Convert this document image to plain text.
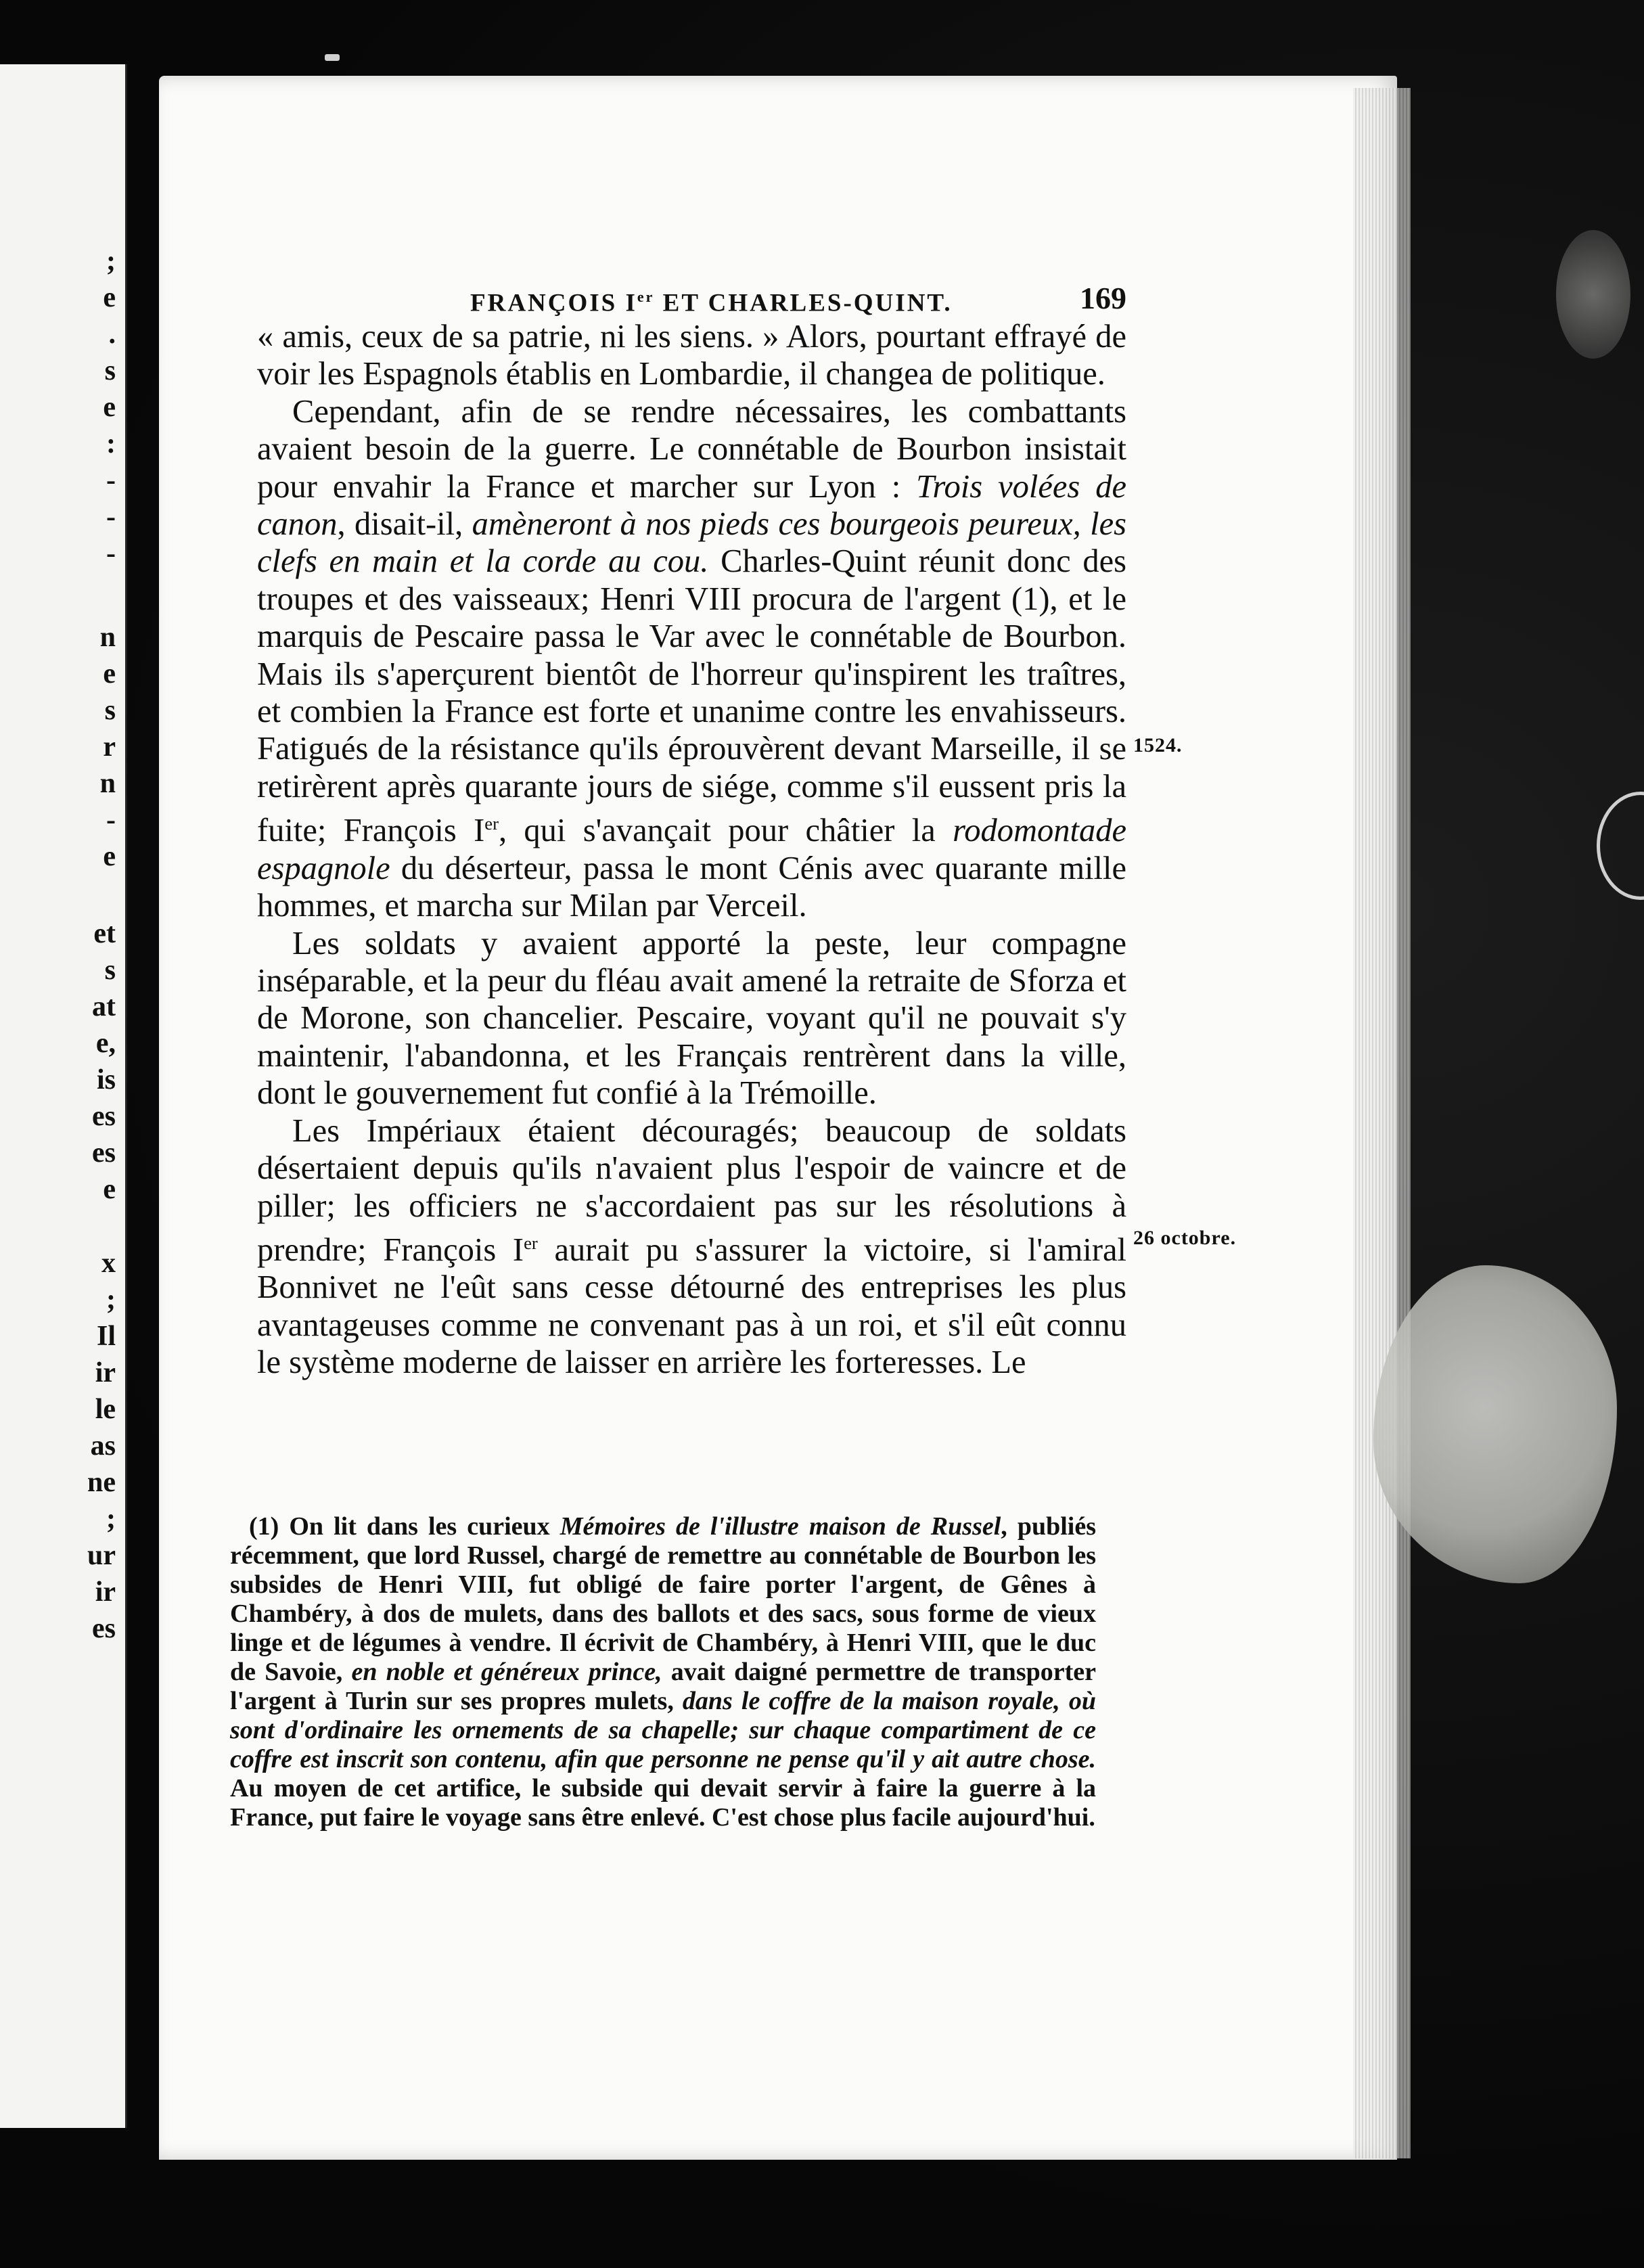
;
e
.
s
e
:
-
-
-
n
e
s
r
n
-
e
et
s
at
e,
is
es
es
e
x
;
Il
ir
le
as
ne
;
ur
ir
es
FRANÇOIS Ier ET CHARLES-QUINT.	169

« amis, ceux de sa patrie, ni les siens. » Alors, pourtant effrayé de voir les Espagnols établis en Lombardie, il changea de politique.

Cependant, afin de se rendre nécessaires, les combattants avaient besoin de la guerre. Le connétable de Bourbon insistait pour envahir la France et marcher sur Lyon : Trois volées de canon, disait-il, amèneront à nos pieds ces bourgeois peureux, les clefs en main et la corde au cou. Charles-Quint réunit donc des troupes et des vaisseaux; Henri VIII procura de l'argent (1), et le marquis de Pescaire passa le Var avec le connétable de Bourbon. Mais ils s'aperçurent bientôt de l'horreur qu'inspirent les traîtres, et combien la France est forte et unanime contre les envahisseurs. Fatigués de la résistance qu'ils éprouvèrent devant Marseille, il se retirèrent après quarante jours de siége, comme s'il eussent pris la fuite; François Ier, qui s'avançait pour châtier la rodomontade espagnole du déserteur, passa le mont Cénis avec quarante mille hommes, et marcha sur Milan par Verceil.

Les soldats y avaient apporté la peste, leur compagne inséparable, et la peur du fléau avait amené la retraite de Sforza et de Morone, son chancelier. Pescaire, voyant qu'il ne pouvait s'y maintenir, l'abandonna, et les Français rentrèrent dans la ville, dont le gouvernement fut confié à la Trémoille.

Les Impériaux étaient découragés; beaucoup de soldats désertaient depuis qu'ils n'avaient plus l'espoir de vaincre et de piller; les officiers ne s'accordaient pas sur les résolutions à prendre; François Ier aurait pu s'assurer la victoire, si l'amiral Bonnivet ne l'eût sans cesse détourné des entreprises les plus avantageuses comme ne convenant pas à un roi, et s'il eût connu le système moderne de laisser en arrière les forteresses. Le

1524.
26 octobre.

(1) On lit dans les curieux Mémoires de l'illustre maison de Russel, publiés récemment, que lord Russel, chargé de remettre au connétable de Bourbon les subsides de Henri VIII, fut obligé de faire porter l'argent, de Gênes à Chambéry, à dos de mulets, dans des ballots et des sacs, sous forme de vieux linge et de légumes à vendre. Il écrivit de Chambéry, à Henri VIII, que le duc de Savoie, en noble et généreux prince, avait daigné permettre de transporter l'argent à Turin sur ses propres mulets, dans le coffre de la maison royale, où sont d'ordinaire les ornements de sa chapelle; sur chaque compartiment de ce coffre est inscrit son contenu, afin que personne ne pense qu'il y ait autre chose. Au moyen de cet artifice, le subside qui devait servir à faire la guerre à la France, put faire le voyage sans être enlevé. C'est chose plus facile aujourd'hui.
